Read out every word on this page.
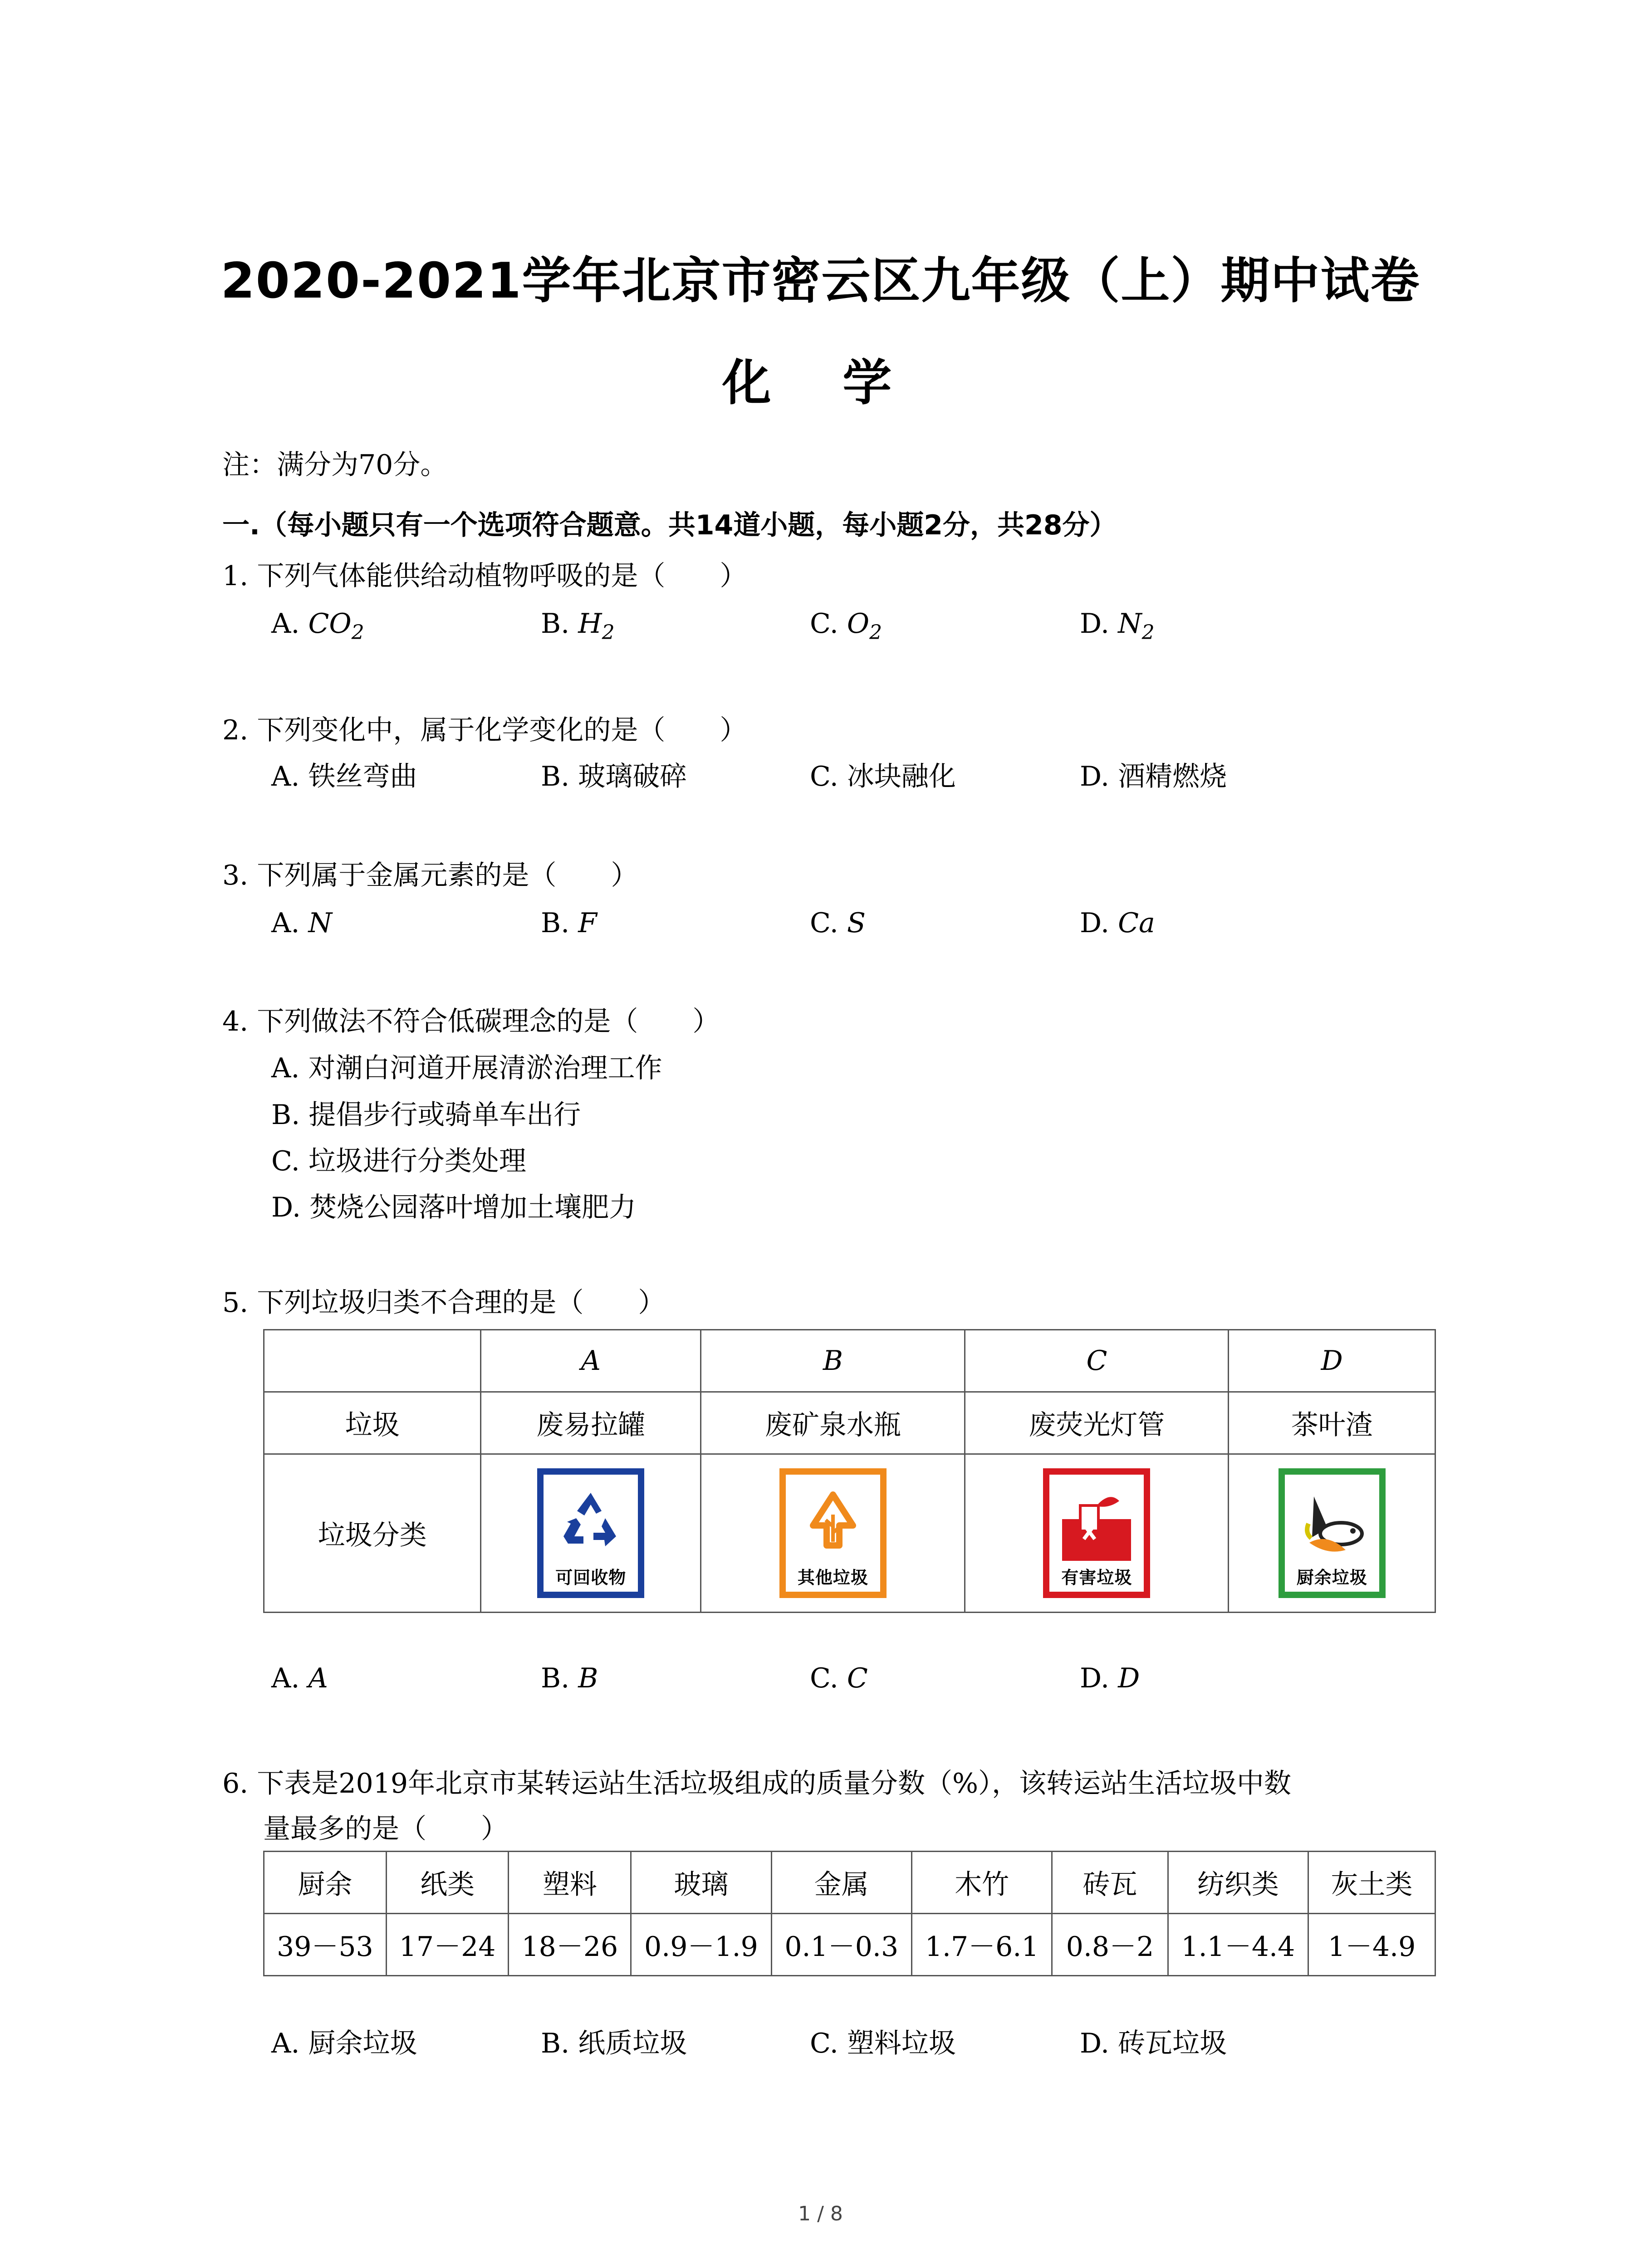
2020-2021学年北京市密云区九年级（上）期中试卷
化 学
注：满分为70分。
一.（每小题只有一个选项符合题意。共14道小题，每小题2分，共28分）
1. 下列气体能供给动植物呼吸的是（　　）
A. $CO_2$	B. $H_2$	C. $O_2$	D. $N_2$
2. 下列变化中，属于化学变化的是（　　）
A. 铁丝弯曲	B. 玻璃破碎	C. 冰块融化	D. 酒精燃烧
3. 下列属于金属元素的是（　　）
A. N	B. F	C. S	D. Ca
4. 下列做法不符合低碳理念的是（　　）
A. 对潮白河道开展清淤治理工作
B. 提倡步行或骑单车出行
C. 垃圾进行分类处理
D. 焚烧公园落叶增加土壤肥力
5. 下列垃圾归类不合理的是（　　）
	A	B	C	D
垃圾	废易拉罐	废矿泉水瓶	废荧光灯管	茶叶渣
垃圾分类	可回收物	其他垃圾	有害垃圾	厨余垃圾
A. A	B. B	C. C	D. D
6. 下表是2019年北京市某转运站生活垃圾组成的质量分数（%），该转运站生活垃圾中数
量最多的是（　　）
厨余	纸类	塑料	玻璃	金属	木竹	砖瓦	纺织类	灰土类
39－53	17－24	18－26	0.9－1.9	0.1－0.3	1.7－6.1	0.8－2	1.1－4.4	1－4.9
A. 厨余垃圾	B. 纸质垃圾	C. 塑料垃圾	D. 砖瓦垃圾
1 / 8
